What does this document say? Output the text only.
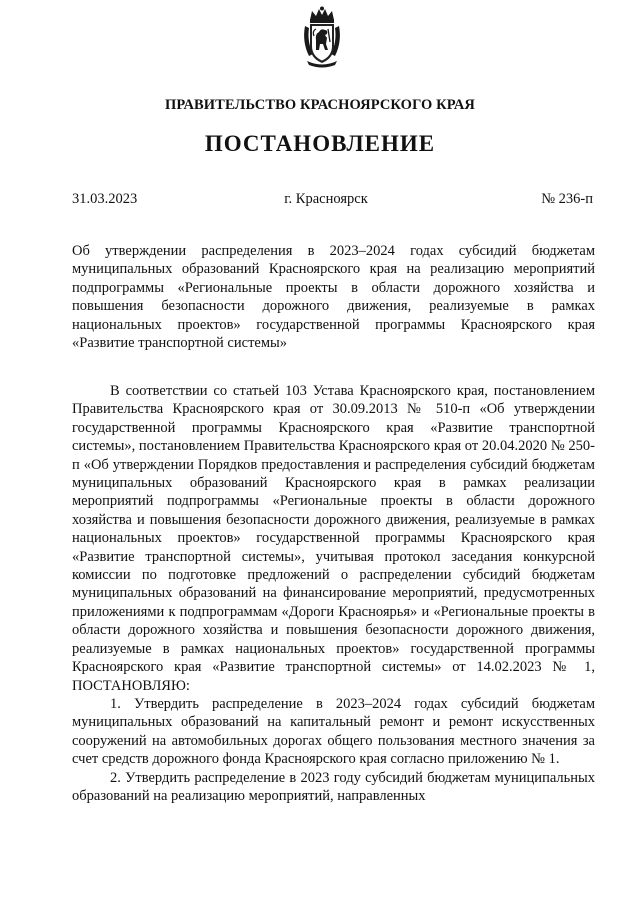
ПРАВИТЕЛЬСТВО КРАСНОЯРСКОГО КРАЯ
ПОСТАНОВЛЕНИЕ
31.03.2023	г. Красноярск	№ 236-п
Об утверждении распределения в 2023–2024 годах субсидий бюджетам муниципальных образований Красноярского края на реализацию мероприятий подпрограммы «Региональные проекты в области дорожного хозяйства и повышения безопасности дорожного движения, реализуемые в рамках национальных проектов» государственной программы Красноярского края «Развитие транспортной системы»

В соответствии со статьей 103 Устава Красноярского края, постановлением Правительства Красноярского края от 30.09.2013 № 510-п «Об утверждении государственной программы Красноярского края «Развитие транспортной системы», постановлением Правительства Красноярского края от 20.04.2020 № 250-п «Об утверждении Порядков предоставления и распределения субсидий бюджетам муниципальных образований Красноярского края в рамках реализации мероприятий подпрограммы «Региональные проекты в области дорожного хозяйства и повышения безопасности дорожного движения, реализуемые в рамках национальных проектов» государственной программы Красноярского края «Развитие транспортной системы», учитывая протокол заседания конкурсной комиссии по подготовке предложений о распределении субсидий бюджетам муниципальных образований на финансирование мероприятий, предусмотренных приложениями к подпрограммам «Дороги Красноярья» и «Региональные проекты в области дорожного хозяйства и повышения безопасности дорожного движения, реализуемые в рамках национальных проектов» государственной программы Красноярского края «Развитие транспортной системы» от 14.02.2023 № 1, ПОСТАНОВЛЯЮ:

1. Утвердить распределение в 2023–2024 годах субсидий бюджетам муниципальных образований на капитальный ремонт и ремонт искусственных сооружений на автомобильных дорогах общего пользования местного значения за счет средств дорожного фонда Красноярского края согласно приложению № 1.

2. Утвердить распределение в 2023 году субсидий бюджетам муниципальных образований на реализацию мероприятий, направленных
